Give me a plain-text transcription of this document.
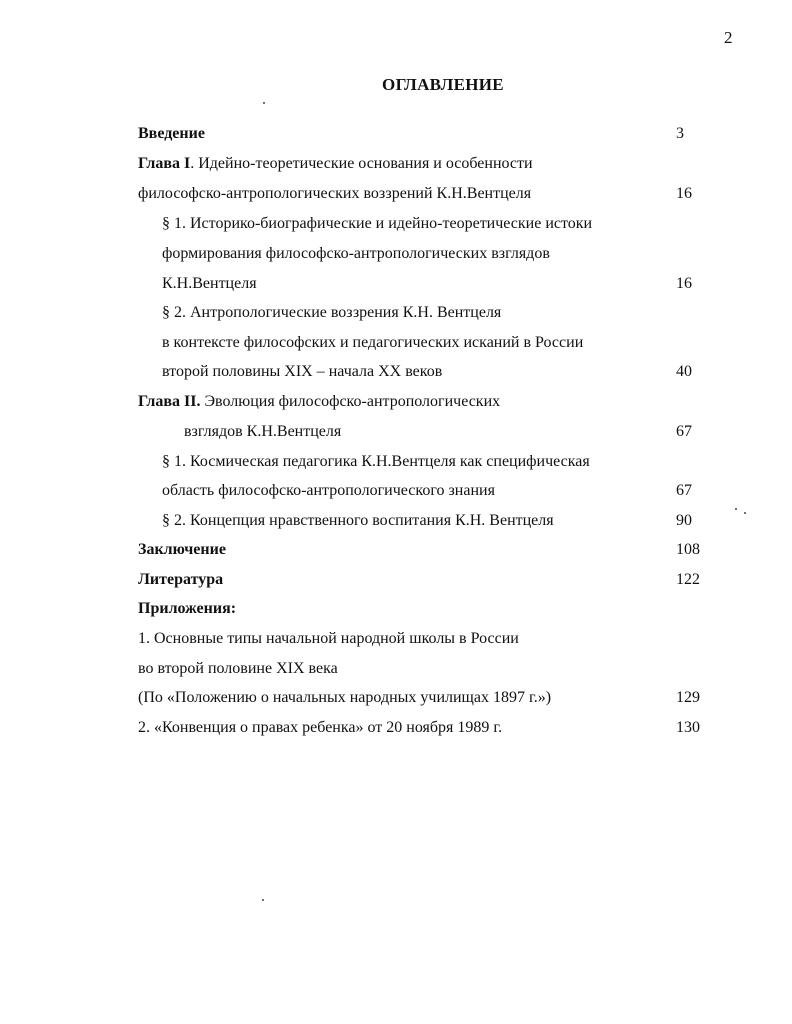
2
ОГЛАВЛЕНИЕ
Введение	3
Глава I. Идейно-теоретические основания и особенности
философско-антропологических воззрений К.Н.Вентцеля	16
§ 1. Историко-биографические и идейно-теоретические истоки
формирования философско-антропологических взглядов
К.Н.Вентцеля	16
§ 2. Антропологические воззрения К.Н. Вентцеля
в контексте философских и педагогических исканий в России
второй половины XIX – начала XX веков	40
Глава II. Эволюция философско-антропологических
взглядов К.Н.Вентцеля	67
§ 1. Космическая педагогика К.Н.Вентцеля как специфическая
область философско-антропологического знания	67
§ 2. Концепция нравственного воспитания К.Н. Вентцеля	90
Заключение	108
Литература	122
Приложения:
1. Основные типы начальной народной школы в России
во второй половине XIX века
(По «Положению о начальных народных училищах 1897 г.»)	129
2. «Конвенция о правах ребенка» от 20 ноября 1989 г.	130
